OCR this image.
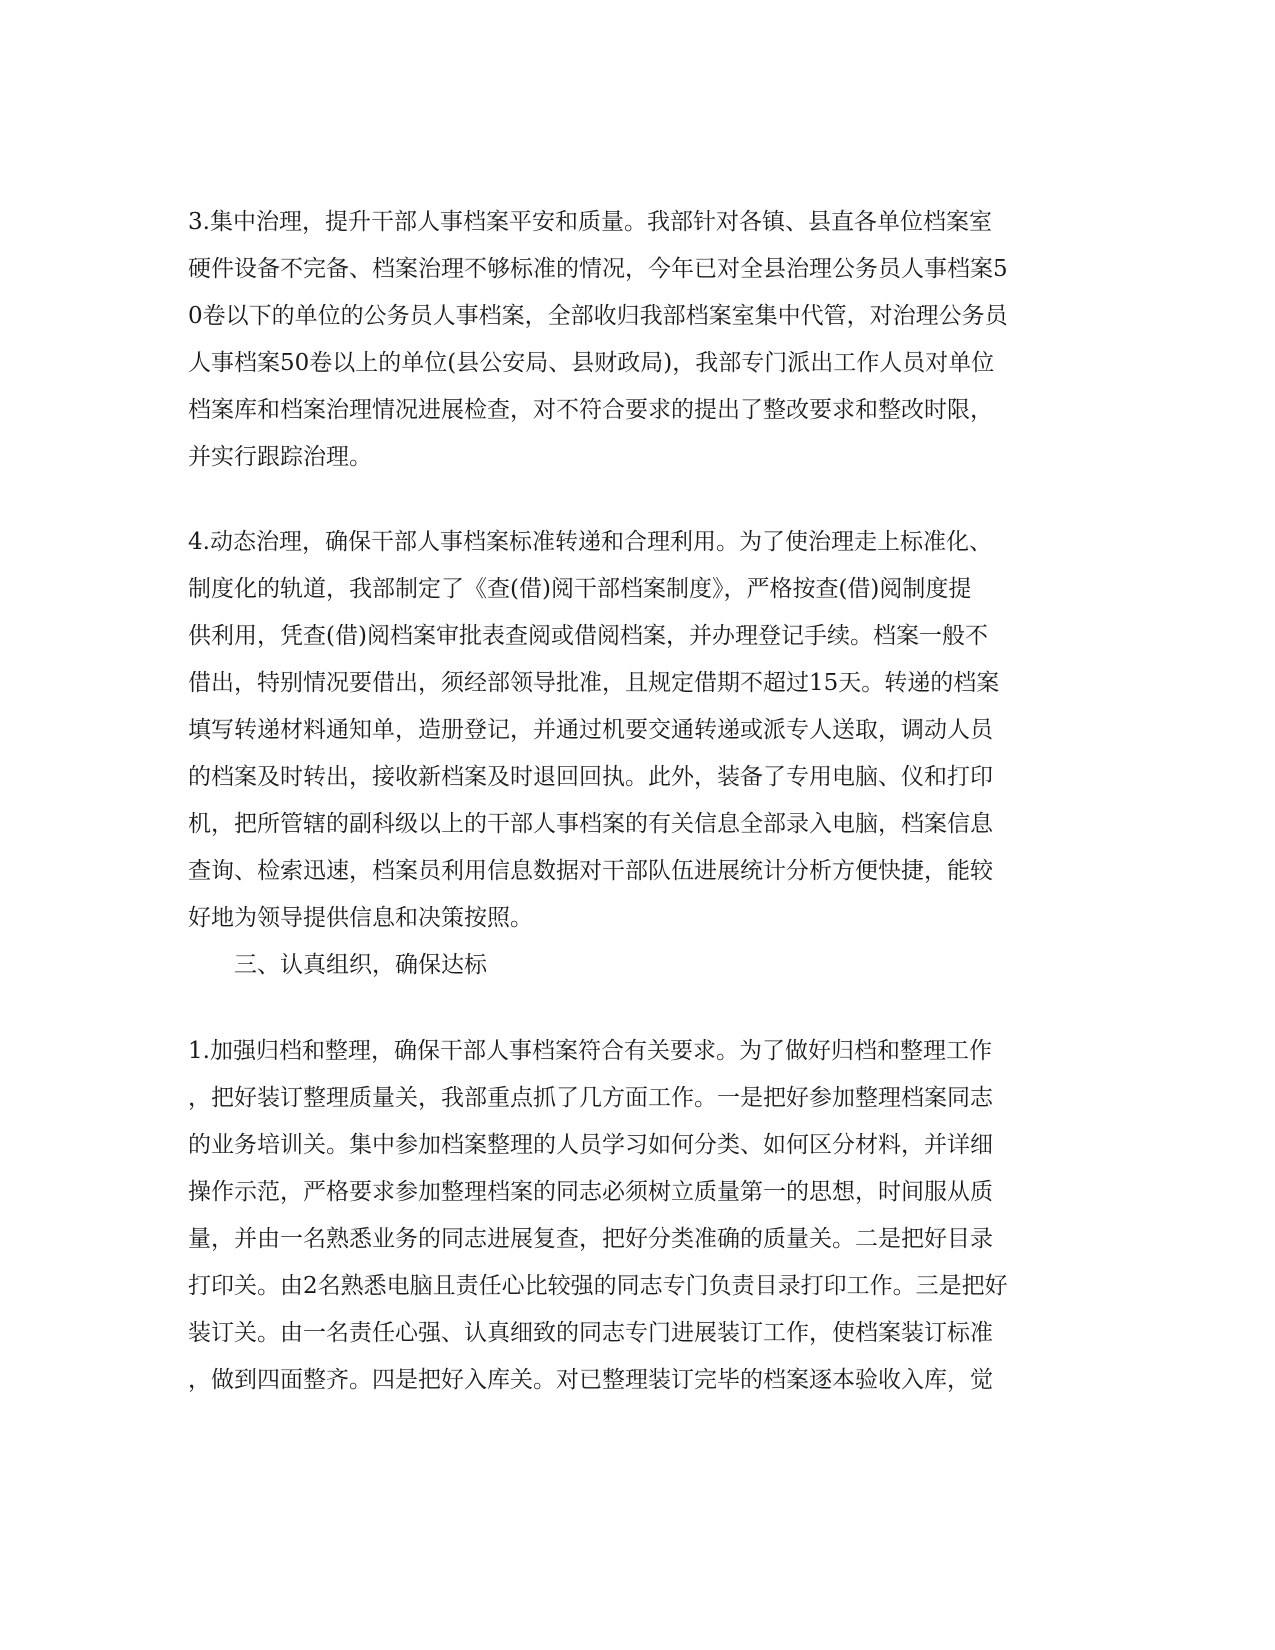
3.集中治理，提升干部人事档案平安和质量。我部针对各镇、县直各单位档案室
硬件设备不完备、档案治理不够标准的情况，今年已对全县治理公务员人事档案5
0卷以下的单位的公务员人事档案，全部收归我部档案室集中代管，对治理公务员
人事档案50卷以上的单位(县公安局、县财政局)，我部专门派出工作人员对单位
档案库和档案治理情况进展检查，对不符合要求的提出了整改要求和整改时限，
并实行跟踪治理。
4.动态治理，确保干部人事档案标准转递和合理利用。为了使治理走上标准化、
制度化的轨道，我部制定了《查(借)阅干部档案制度》，严格按查(借)阅制度提
供利用，凭查(借)阅档案审批表查阅或借阅档案，并办理登记手续。档案一般不
借出，特别情况要借出，须经部领导批准，且规定借期不超过15天。转递的档案
填写转递材料通知单，造册登记，并通过机要交通转递或派专人送取，调动人员
的档案及时转出，接收新档案及时退回回执。此外，装备了专用电脑、仪和打印
机，把所管辖的副科级以上的干部人事档案的有关信息全部录入电脑，档案信息
查询、检索迅速，档案员利用信息数据对干部队伍进展统计分析方便快捷，能较
好地为领导提供信息和决策按照。
三、认真组织，确保达标
1.加强归档和整理，确保干部人事档案符合有关要求。为了做好归档和整理工作
，把好装订整理质量关，我部重点抓了几方面工作。一是把好参加整理档案同志
的业务培训关。集中参加档案整理的人员学习如何分类、如何区分材料，并详细
操作示范，严格要求参加整理档案的同志必须树立质量第一的思想，时间服从质
量，并由一名熟悉业务的同志进展复查，把好分类准确的质量关。二是把好目录
打印关。由2名熟悉电脑且责任心比较强的同志专门负责目录打印工作。三是把好
装订关。由一名责任心强、认真细致的同志专门进展装订工作，使档案装订标准
，做到四面整齐。四是把好入库关。对已整理装订完毕的档案逐本验收入库，觉
